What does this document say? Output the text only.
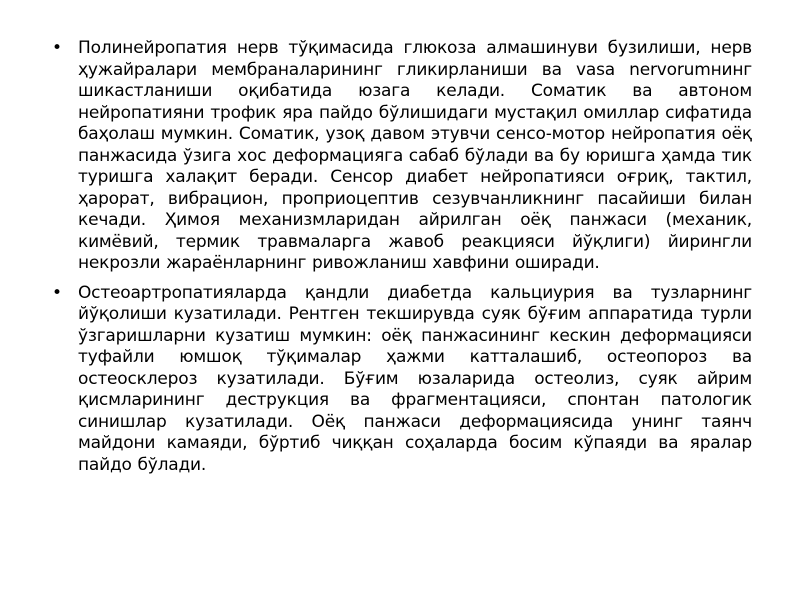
• Полинейропатия нерв тўқимасида глюкоза алмашинуви бузилиши, нерв ҳужайралари мембраналарининг гликирланиши ва vasa nervorumнинг шикастланиши оқибатида юзага келади. Соматик ва автоном нейропатияни трофик яра пайдо бўлишидаги мустақил омиллар сифатида баҳолаш мумкин. Соматик, узоқ давом этувчи сенсо-мотор нейропатия оёқ панжасида ўзига хос деформацияга сабаб бўлади ва бу юришга ҳамда тик туришга халақит беради. Сенсор диабет нейропатияси оғриқ, тактил, ҳарорат, вибрацион, проприоцептив сезувчанликнинг пасайиши билан кечади. Ҳимоя механизмларидан айрилган оёқ панжаси (механик, кимёвий, термик травмаларга жавоб реакцияси йўқлиги) йирингли некрозли жараёнларнинг ривожланиш хавфини оширади.
• Остеоартропатияларда қандли диабетда кальциурия ва тузларнинг йўқолиши кузатилади. Рентген текширувда суяк бўғим аппаратида турли ўзгаришларни кузатиш мумкин: оёқ панжасининг кескин деформацияси туфайли юмшоқ тўқималар ҳажми катталашиб, остеопороз ва остеосклероз кузатилади. Бўғим юзаларида остеолиз, суяк айрим қисмларининг деструкция ва фрагментацияси, спонтан патологик синишлар кузатилади. Оёқ панжаси деформациясида унинг таянч майдони камаяди, бўртиб чиққан соҳаларда босим кўпаяди ва яралар пайдо бўлади.
